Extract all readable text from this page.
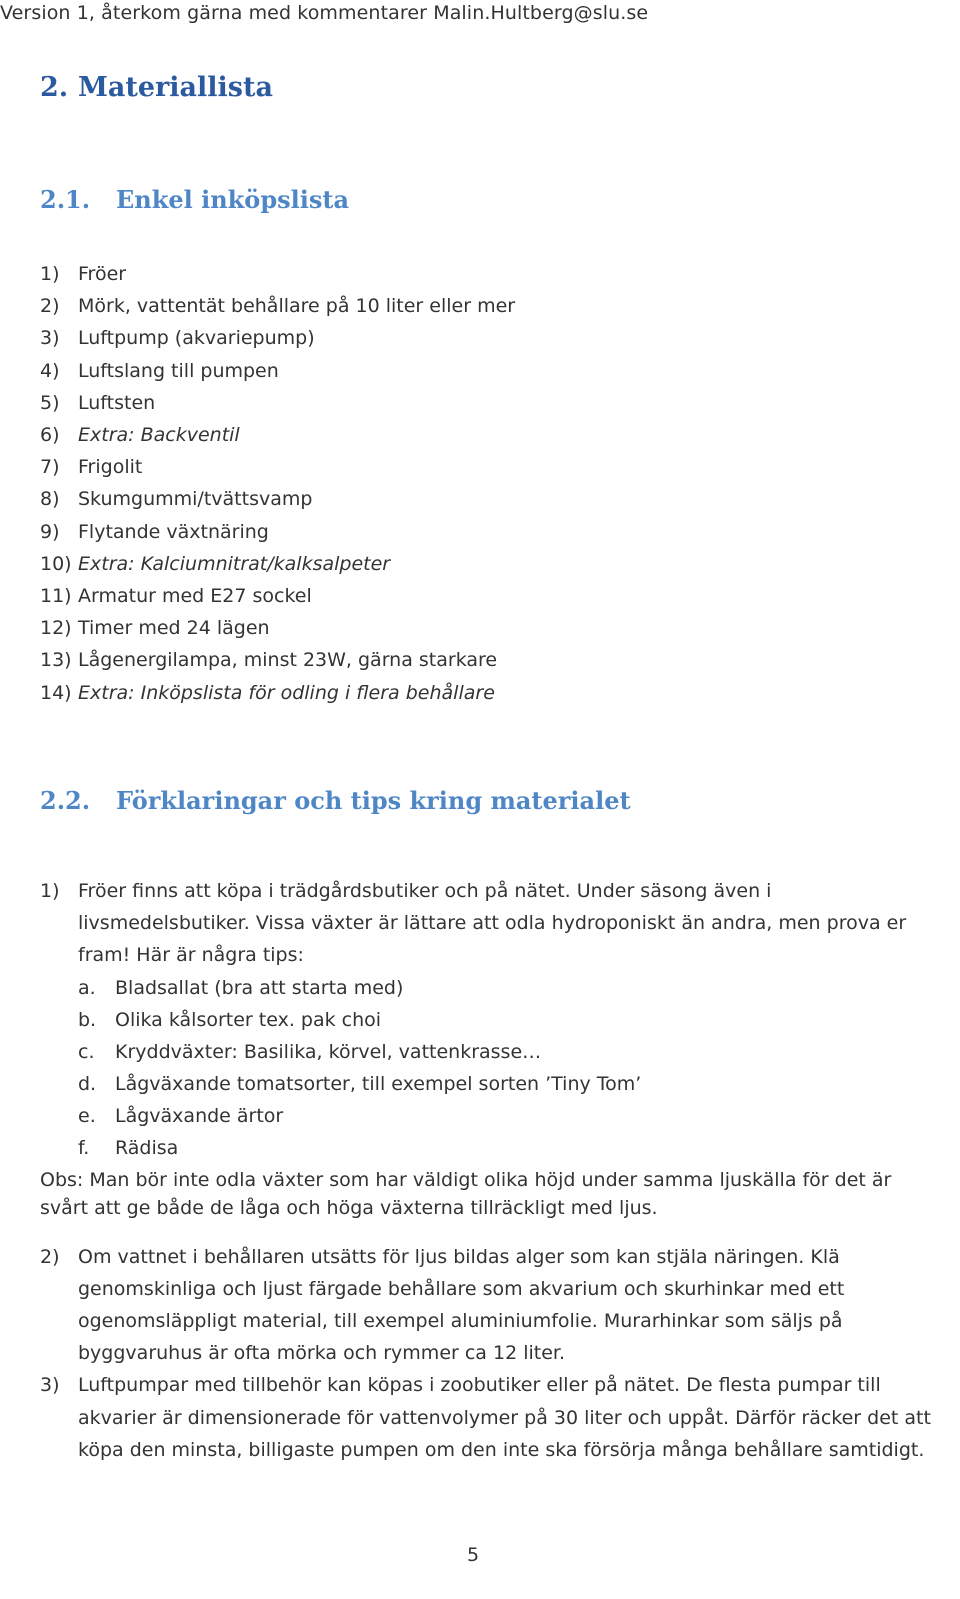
Version 1, återkom gärna med kommentarer Malin.Hultberg@slu.se
2. Materiallista
2.1. Enkel inköpslista
1) Fröer
2) Mörk, vattentät behållare på 10 liter eller mer
3) Luftpump (akvariepump)
4) Luftslang till pumpen
5) Luftsten
6) Extra: Backventil
7) Frigolit
8) Skumgummi/tvättsvamp
9) Flytande växtnäring
10) Extra: Kalciumnitrat/kalksalpeter
11) Armatur med E27 sockel
12) Timer med 24 lägen
13) Lågenergilampa, minst 23W, gärna starkare
14) Extra: Inköpslista för odling i flera behållare
2.2. Förklaringar och tips kring materialet
1) Fröer finns att köpa i trädgårdsbutiker och på nätet. Under säsong även i livsmedelsbutiker. Vissa växter är lättare att odla hydroponiskt än andra, men prova er fram! Här är några tips:
a. Bladsallat (bra att starta med)
b. Olika kålsorter tex. pak choi
c. Kryddväxter: Basilika, körvel, vattenkrasse…
d. Lågväxande tomatsorter, till exempel sorten ’Tiny Tom’
e. Lågväxande ärtor
f. Rädisa
Obs: Man bör inte odla växter som har väldigt olika höjd under samma ljuskälla för det är svårt att ge både de låga och höga växterna tillräckligt med ljus.
2) Om vattnet i behållaren utsätts för ljus bildas alger som kan stjäla näringen. Klä genomskinliga och ljust färgade behållare som akvarium och skurhinkar med ett ogenomsläppligt material, till exempel aluminiumfolie. Murarhinkar som säljs på byggvaruhus är ofta mörka och rymmer ca 12 liter.
3) Luftpumpar med tillbehör kan köpas i zoobutiker eller på nätet. De flesta pumpar till akvarier är dimensionerade för vattenvolymer på 30 liter och uppåt. Därför räcker det att köpa den minsta, billigaste pumpen om den inte ska försörja många behållare samtidigt.
5
